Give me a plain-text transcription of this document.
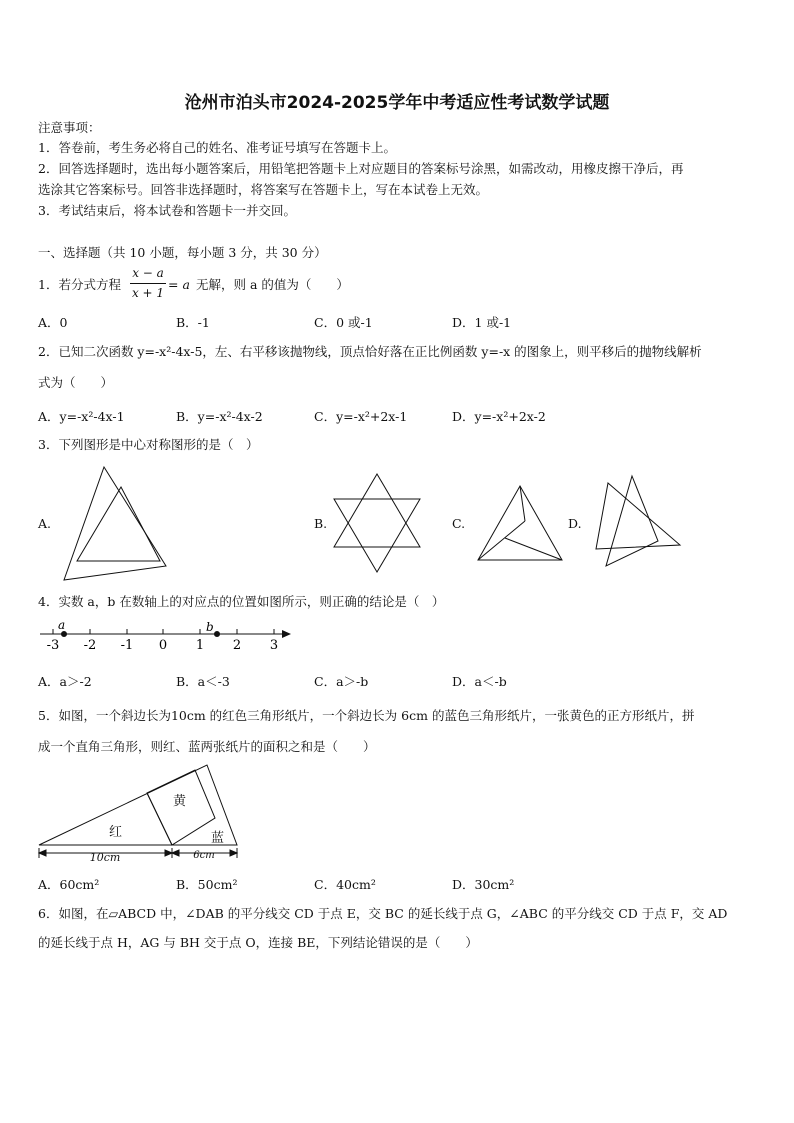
沧州市泊头市2024-2025学年中考适应性考试数学试题
注意事项：
1．答卷前，考生务必将自己的姓名、准考证号填写在答题卡上。
2．回答选择题时，选出每小题答案后，用铅笔把答题卡上对应题目的答案标号涂黑，如需改动，用橡皮擦干净后，再
选涂其它答案标号。回答非选择题时，将答案写在答题卡上，写在本试卷上无效。
3．考试结束后，将本试卷和答题卡一并交回。
一、选择题（共 10 小题，每小题 3 分，共 30 分）
1．若分式方程
x − a
x + 1
= a 无解，则 a 的值为（　　）
A．0	B．-1	C．0 或-1	D．1 或-1
2．已知二次函数 y=-x²-4x-5，左、右平移该抛物线，顶点恰好落在正比例函数 y=-x 的图象上，则平移后的抛物线解析
式为（　　）
A．y=-x²-4x-1	B．y=-x²-4x-2	C．y=-x²+2x-1	D．y=-x²+2x-2
3．下列图形是中心对称图形的是（　）
A.	B.	C.	D.
4．实数 a，b 在数轴上的对应点的位置如图所示，则正确的结论是（　）
a	b
-3 -2 -1 0 1 2 3
A．a＞-2	B．a＜-3	C．a＞-b	D．a＜-b
5．如图，一个斜边长为10cm 的红色三角形纸片，一个斜边长为 6cm 的蓝色三角形纸片，一张黄色的正方形纸片，拼
成一个直角三角形，则红、蓝两张纸片的面积之和是（　　）
黄
红	蓝
10cm	6cm
A．60cm²	B．50cm²	C．40cm²	D．30cm²
6．如图，在▱ABCD 中，∠DAB 的平分线交 CD 于点 E，交 BC 的延长线于点 G，∠ABC 的平分线交 CD 于点 F，交 AD
的延长线于点 H，AG 与 BH 交于点 O，连接 BE，下列结论错误的是（　　）
